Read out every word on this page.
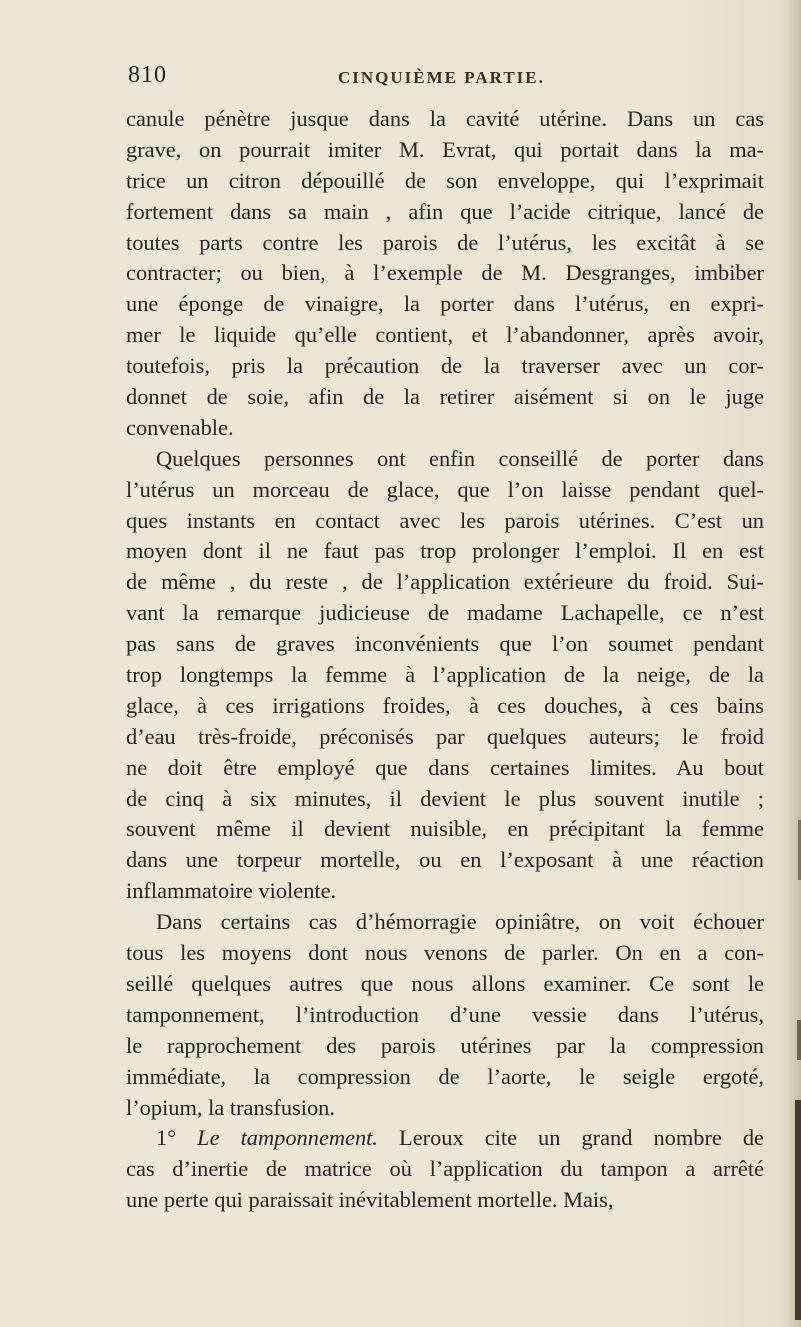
810	CINQUIÈME PARTIE.
canule pénètre jusque dans la cavité utérine. Dans un cas
grave, on pourrait imiter M. Evrat, qui portait dans la ma-
trice un citron dépouillé de son enveloppe, qui l’exprimait
fortement dans sa main , afin que l’acide citrique, lancé de
toutes parts contre les parois de l’utérus, les excitât à se
contracter; ou bien, à l’exemple de M. Desgranges, imbiber
une éponge de vinaigre, la porter dans l’utérus, en expri-
mer le liquide qu’elle contient, et l’abandonner, après avoir,
toutefois, pris la précaution de la traverser avec un cor-
donnet de soie, afin de la retirer aisément si on le juge
convenable.
Quelques personnes ont enfin conseillé de porter dans
l’utérus un morceau de glace, que l’on laisse pendant quel-
ques instants en contact avec les parois utérines. C’est un
moyen dont il ne faut pas trop prolonger l’emploi. Il en est
de même , du reste , de l’application extérieure du froid. Sui-
vant la remarque judicieuse de madame Lachapelle, ce n’est
pas sans de graves inconvénients que l’on soumet pendant
trop longtemps la femme à l’application de la neige, de la
glace, à ces irrigations froides, à ces douches, à ces bains
d’eau très-froide, préconisés par quelques auteurs; le froid
ne doit être employé que dans certaines limites. Au bout
de cinq à six minutes, il devient le plus souvent inutile ;
souvent même il devient nuisible, en précipitant la femme
dans une torpeur mortelle, ou en l’exposant à une réaction
inflammatoire violente.
Dans certains cas d’hémorragie opiniâtre, on voit échouer
tous les moyens dont nous venons de parler. On en a con-
seillé quelques autres que nous allons examiner. Ce sont le
tamponnement, l’introduction d’une vessie dans l’utérus,
le rapprochement des parois utérines par la compression
immédiate, la compression de l’aorte, le seigle ergoté,
l’opium, la transfusion.
1° Le tamponnement. Leroux cite un grand nombre de
cas d’inertie de matrice où l’application du tampon a arrêté
une perte qui paraissait inévitablement mortelle. Mais,
